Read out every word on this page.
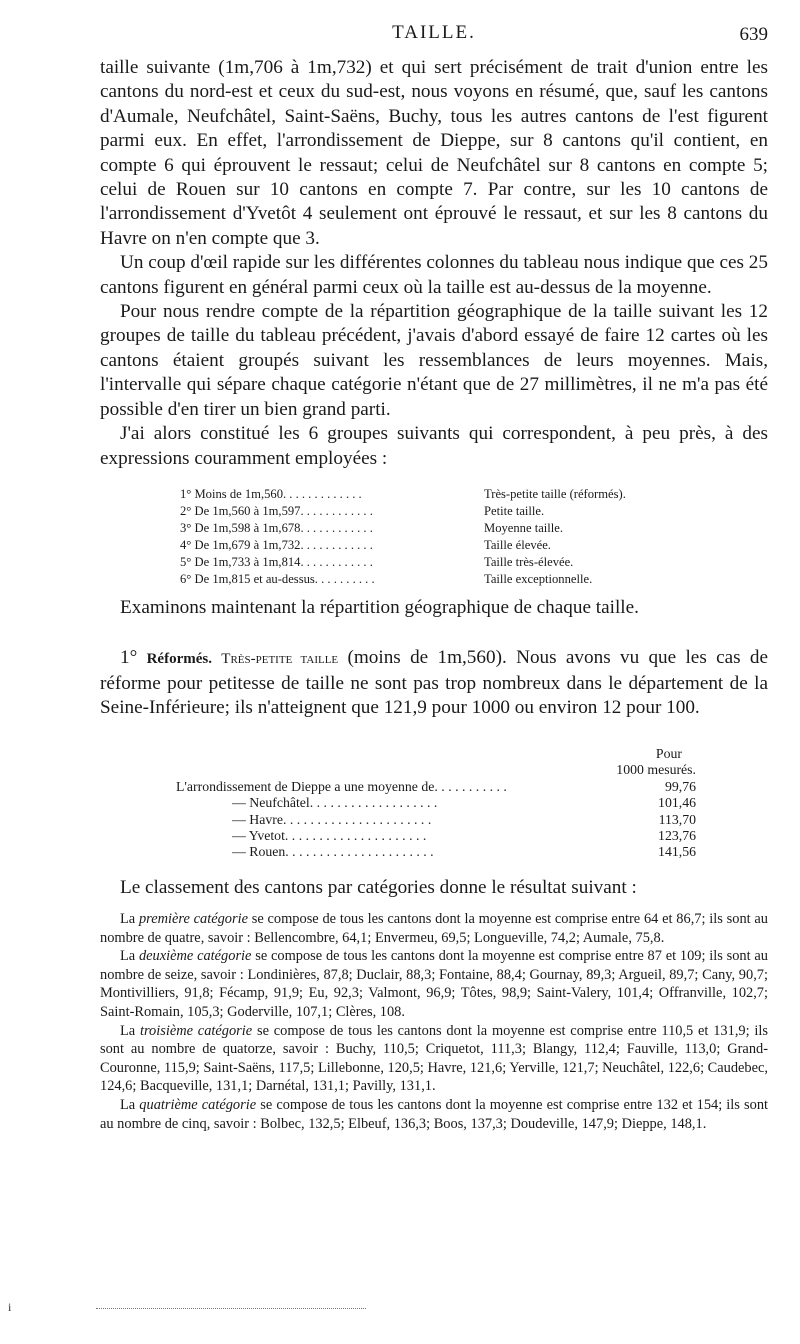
TAILLE.	639

taille suivante (1m,706 à 1m,732) et qui sert précisément de trait d'union entre les cantons du nord-est et ceux du sud-est, nous voyons en résumé, que, sauf les cantons d'Aumale, Neufchâtel, Saint-Saëns, Buchy, tous les autres cantons de l'est figurent parmi eux. En effet, l'arrondissement de Dieppe, sur 8 cantons qu'il contient, en compte 6 qui éprouvent le ressaut; celui de Neufchâtel sur 8 cantons en compte 5; celui de Rouen sur 10 cantons en compte 7. Par contre, sur les 10 cantons de l'arrondissement d'Yvetôt 4 seulement ont éprouvé le ressaut, et sur les 8 cantons du Havre on n'en compte que 3.

Un coup d'œil rapide sur les différentes colonnes du tableau nous indique que ces 25 cantons figurent en général parmi ceux où la taille est au-dessus de la moyenne.

Pour nous rendre compte de la répartition géographique de la taille suivant les 12 groupes de taille du tableau précédent, j'avais d'abord essayé de faire 12 cartes où les cantons étaient groupés suivant les ressemblances de leurs moyennes. Mais, l'intervalle qui sépare chaque catégorie n'étant que de 27 millimètres, il ne m'a pas été possible d'en tirer un bien grand parti.

J'ai alors constitué les 6 groupes suivants qui correspondent, à peu près, à des expressions couramment employées :

1° Moins de 1m,560. . . . . . . . . . . . .	Très-petite taille (réformés).
2° De 1m,560 à 1m,597. . . . . . . . . . . .	Petite taille.
3° De 1m,598 à 1m,678. . . . . . . . . . . .	Moyenne taille.
4° De 1m,679 à 1m,732. . . . . . . . . . . .	Taille élevée.
5° De 1m,733 à 1m,814. . . . . . . . . . . .	Taille très-élevée.
6° De 1m,815 et au-dessus. . . . . . . . . .	Taille exceptionnelle.

Examinons maintenant la répartition géographique de chaque taille.

1° Réformés. Très-petite taille (moins de 1m,560). Nous avons vu que les cas de réforme pour petitesse de taille ne sont pas trop nombreux dans le département de la Seine-Inférieure; ils n'atteignent que 121,9 pour 1000 ou environ 12 pour 100.

Pour
1000 mesurés.
L'arrondissement de Dieppe a une moyenne de. . . . . . . . . . .	99,76
— Neufchâtel. . . . . . . . . . . . . . . . . . .	101,46
— Havre. . . . . . . . . . . . . . . . . . . . . .	113,70
— Yvetot. . . . . . . . . . . . . . . . . . . . .	123,76
— Rouen. . . . . . . . . . . . . . . . . . . . . .	141,56

Le classement des cantons par catégories donne le résultat suivant :

La première catégorie se compose de tous les cantons dont la moyenne est comprise entre 64 et 86,7; ils sont au nombre de quatre, savoir : Bellencombre, 64,1; Envermeu, 69,5; Longueville, 74,2; Aumale, 75,8.

La deuxième catégorie se compose de tous les cantons dont la moyenne est comprise entre 87 et 109; ils sont au nombre de seize, savoir : Londinières, 87,8; Duclair, 88,3; Fontaine, 88,4; Gournay, 89,3; Argueil, 89,7; Cany, 90,7; Montivilliers, 91,8; Fécamp, 91,9; Eu, 92,3; Valmont, 96,9; Tôtes, 98,9; Saint-Valery, 101,4; Offranville, 102,7; Saint-Romain, 105,3; Goderville, 107,1; Clères, 108.

La troisième catégorie se compose de tous les cantons dont la moyenne est comprise entre 110,5 et 131,9; ils sont au nombre de quatorze, savoir : Buchy, 110,5; Criquetot, 111,3; Blangy, 112,4; Fauville, 113,0; Grand-Couronne, 115,9; Saint-Saëns, 117,5; Lillebonne, 120,5; Havre, 121,6; Yerville, 121,7; Neuchâtel, 122,6; Caudebec, 124,6; Bacqueville, 131,1; Darnétal, 131,1; Pavilly, 131,1.

La quatrième catégorie se compose de tous les cantons dont la moyenne est comprise entre 132 et 154; ils sont au nombre de cinq, savoir : Bolbec, 132,5; Elbeuf, 136,3; Boos, 137,3; Doudeville, 147,9; Dieppe, 148,1.

i
